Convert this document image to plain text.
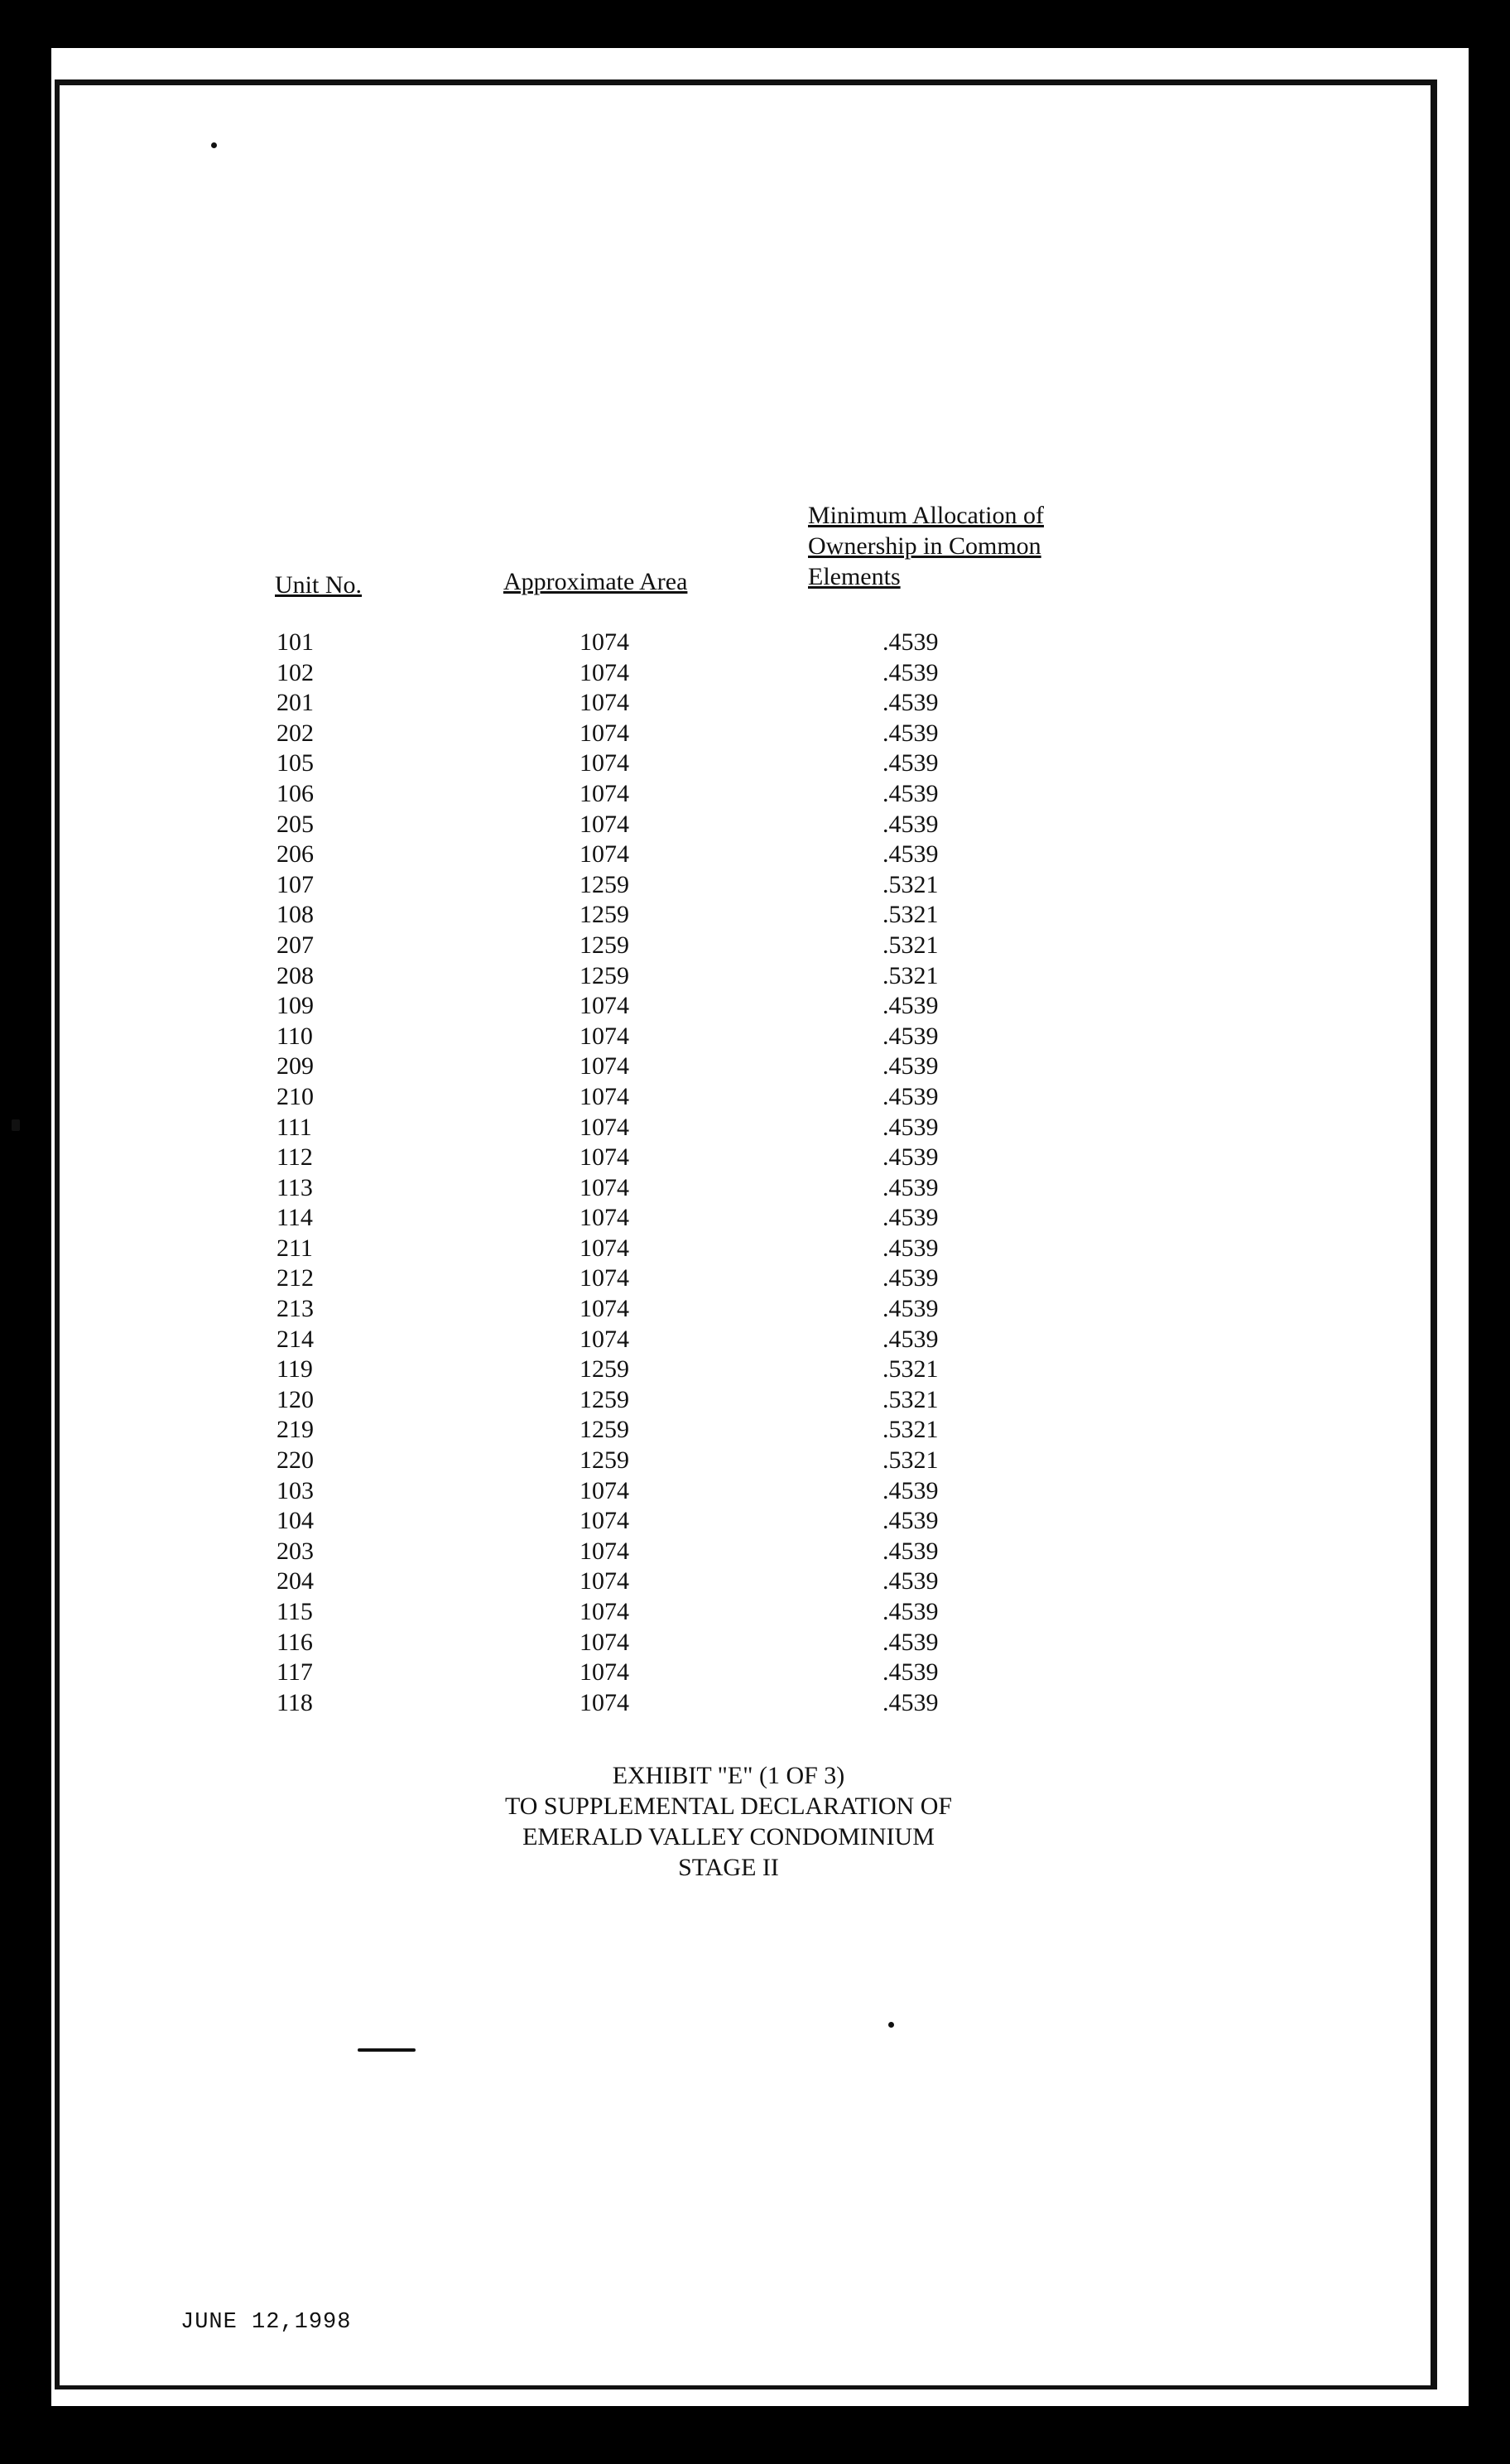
Unit No.	Approximate Area
Minimum Allocation of
Ownership in Common
Elements
101
102
201
202
105
106
205
206
107
108
207
208
109
110
209
210
111
112
113
114
211
212
213
214
119
120
219
220
103
104
203
204
115
116
117
118
1074
1074
1074
1074
1074
1074
1074
1074
1259
1259
1259
1259
1074
1074
1074
1074
1074
1074
1074
1074
1074
1074
1074
1074
1259
1259
1259
1259
1074
1074
1074
1074
1074
1074
1074
1074
.4539
.4539
.4539
.4539
.4539
.4539
.4539
.4539
.5321
.5321
.5321
.5321
.4539
.4539
.4539
.4539
.4539
.4539
.4539
.4539
.4539
.4539
.4539
.4539
.5321
.5321
.5321
.5321
.4539
.4539
.4539
.4539
.4539
.4539
.4539
.4539
EXHIBIT "E" (1 OF 3)
TO SUPPLEMENTAL DECLARATION OF
EMERALD VALLEY CONDOMINIUM
STAGE II
JUNE 12,1998
